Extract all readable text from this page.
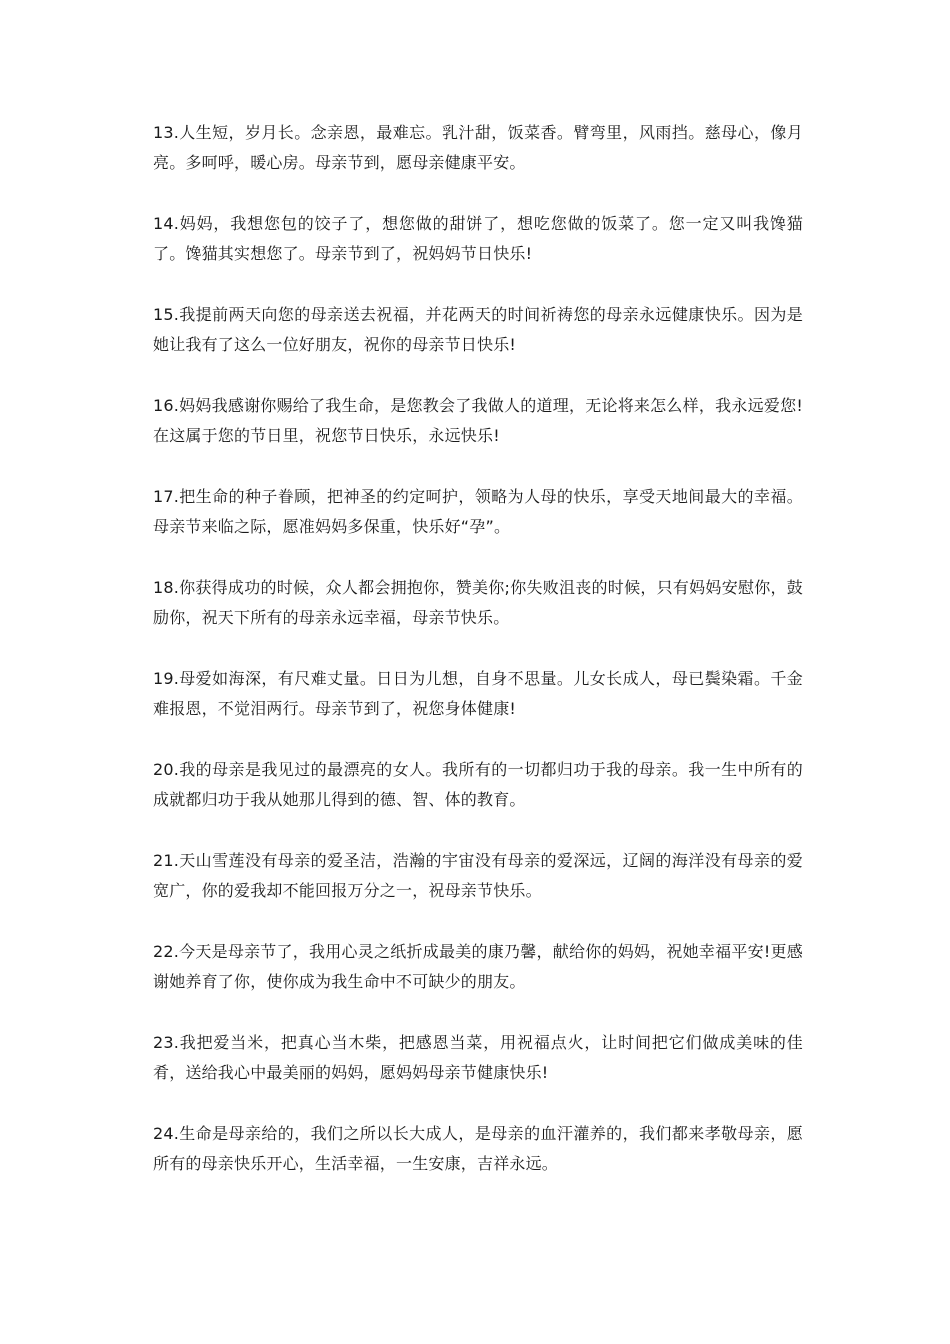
13.人生短，岁月长。念亲恩，最难忘。乳汁甜，饭菜香。臂弯里，风雨挡。慈母心，像月亮。多呵呼，暖心房。母亲节到，愿母亲健康平安。

14.妈妈，我想您包的饺子了，想您做的甜饼了，想吃您做的饭菜了。您一定又叫我馋猫了。馋猫其实想您了。母亲节到了，祝妈妈节日快乐!

15.我提前两天向您的母亲送去祝福，并花两天的时间祈祷您的母亲永远健康快乐。因为是她让我有了这么一位好朋友，祝你的母亲节日快乐!

16.妈妈我感谢你赐给了我生命，是您教会了我做人的道理，无论将来怎么样，我永远爱您!在这属于您的节日里，祝您节日快乐，永远快乐!

17.把生命的种子眷顾，把神圣的约定呵护，领略为人母的快乐，享受天地间最大的幸福。母亲节来临之际，愿准妈妈多保重，快乐好“孕”。

18.你获得成功的时候，众人都会拥抱你，赞美你;你失败沮丧的时候，只有妈妈安慰你，鼓励你，祝天下所有的母亲永远幸福，母亲节快乐。

19.母爱如海深，有尺难丈量。日日为儿想，自身不思量。儿女长成人，母已鬓染霜。千金难报恩，不觉泪两行。母亲节到了，祝您身体健康!

20.我的母亲是我见过的最漂亮的女人。我所有的一切都归功于我的母亲。我一生中所有的成就都归功于我从她那儿得到的德、智、体的教育。

21.天山雪莲没有母亲的爱圣洁，浩瀚的宇宙没有母亲的爱深远，辽阔的海洋没有母亲的爱宽广，你的爱我却不能回报万分之一，祝母亲节快乐。

22.今天是母亲节了，我用心灵之纸折成最美的康乃馨，献给你的妈妈，祝她幸福平安!更感谢她养育了你，使你成为我生命中不可缺少的朋友。

23.我把爱当米，把真心当木柴，把感恩当菜，用祝福点火，让时间把它们做成美味的佳肴，送给我心中最美丽的妈妈，愿妈妈母亲节健康快乐!

24.生命是母亲给的，我们之所以长大成人，是母亲的血汗灌养的，我们都来孝敬母亲，愿所有的母亲快乐开心，生活幸福，一生安康，吉祥永远。
